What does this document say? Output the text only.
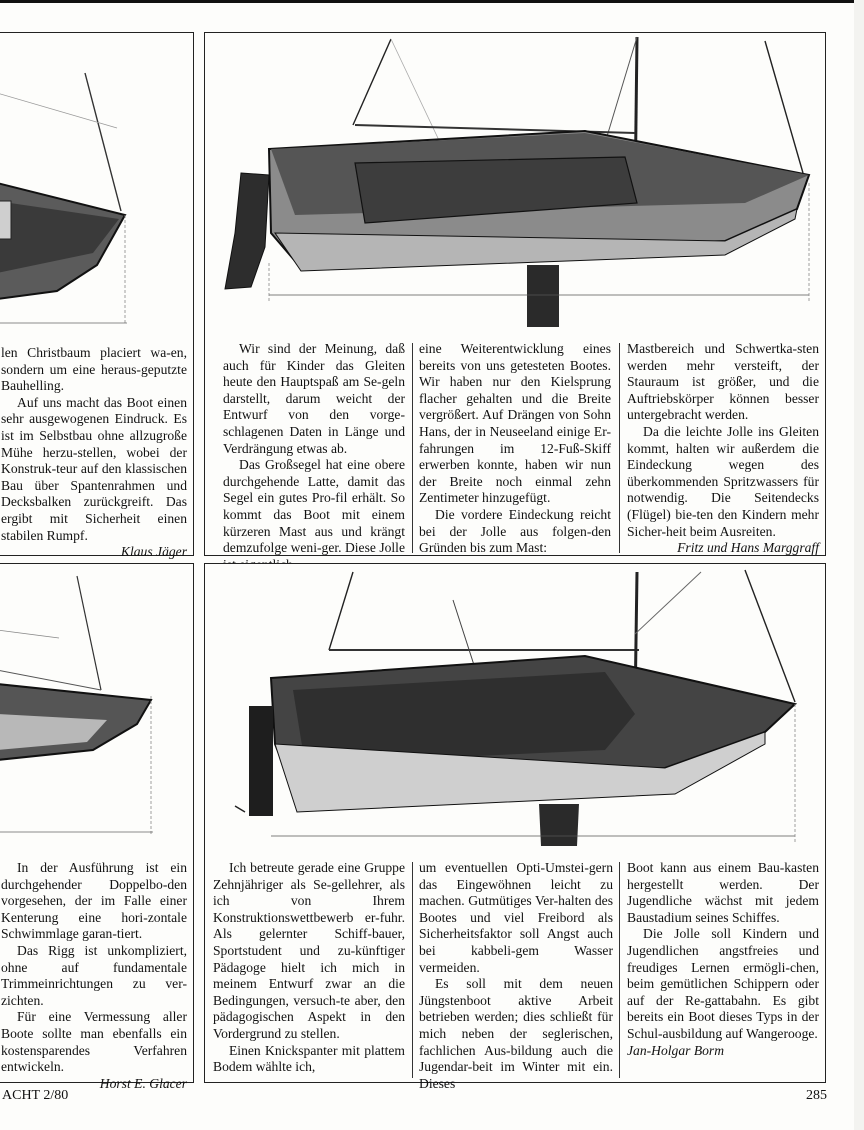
len Christbaum placiert wa-en, sondern um eine heraus-geputzte Bauhelling.

Auf uns macht das Boot einen sehr ausgewogenen Eindruck. Es ist im Selbstbau ohne allzugroße Mühe herzu-stellen, wobei der Konstruk-teur auf den klassischen Bau über Spantenrahmen und Decksbalken zurückgreift. Das ergibt mit Sicherheit einen stabilen Rumpf.

Klaus Jäger

Wir sind der Meinung, daß auch für Kinder das Gleiten heute den Hauptspaß am Se-geln darstellt, darum weicht der Entwurf von den vorge-schlagenen Daten in Länge und Verdrängung etwas ab.

Das Großsegel hat eine obere durchgehende Latte, damit das Segel ein gutes Pro-fil erhält. So kommt das Boot mit einem kürzeren Mast aus und krängt demzufolge weni-ger. Diese Jolle

eine Weiterentwicklung eines bereits von uns getesteten Bootes. Wir haben nur den Kielsprung flacher gehalten und die Breite vergrößert. Auf Drängen von Sohn Hans, der in Neuseeland einige Er-fahrungen im 12-Fuß-Skiff erwerben konnte, haben wir nun der Breite noch einmal zehn Zentimeter hinzugefügt.

Die vordere Eindeckung reicht bei der Jolle aus folgen-den Gründen bis zum Mast:

Mastbereich und Schwertka-sten werden mehr versteift, der Stauraum ist größer, und die Auftriebskörper können besser untergebracht werden.

Da die leichte Jolle ins Gleiten kommt, halten wir außerdem die Eindeckung wegen des überkommenden Spritzwassers für notwendig. Die Seitendecks (Flügel) bie-ten den Kindern mehr Sicher-heit beim Ausreiten.

Fritz und Hans Marggraff

In der Ausführung ist ein durchgehender Doppelbo-den vorgesehen, der im Falle einer Kenterung eine hori-zontale Schwimmlage garan-tiert.

Das Rigg ist unkompliziert, ohne auf fundamentale Trimmeinrichtungen zu ver-zichten.

Für eine Vermessung aller Boote sollte man ebenfalls ein kostensparendes Verfahren entwickeln.

Horst E. Glacer

Ich betreute gerade eine Gruppe Zehnjähriger als Se-gellehrer, als ich von Ihrem Konstruktionswettbewerb er-fuhr. Als gelernter Schiff-bauer, Sportstudent und zu-künftiger Pädagoge hielt ich mich in meinem Entwurf zwar an die Bedingungen, versuch-te aber, den pädagogischen Aspekt in den Vordergrund zu stellen.

Einen Knickspanter mit plattem Bodem wählte ich,

um eventuellen Opti-Umstei-gern das Eingewöhnen leicht zu machen. Gutmütiges Ver-halten des Bootes und viel Freibord als Sicherheitsfaktor soll Angst auch bei kabbeli-gem Wasser vermeiden.

Es soll mit dem neuen Jüngstenboot aktive Arbeit betrieben werden; dies schließt für mich neben der seglerischen, fachlichen Aus-bildung auch die Jugendar-beit im Winter mit ein. Dieses

Boot kann aus einem Bau-kasten hergestellt werden. Der Jugendliche wächst mit jedem Baustadium seines Schiffes.

Die Jolle soll Kindern und Jugendlichen angstfreies und freudiges Lernen ermögli-chen, beim gemütlichen Schippern oder auf der Re-gattabahn. Es gibt bereits ein Boot dieses Typs in der Schul-ausbildung auf Wangerooge.

Jan-Holgar Borm
ACHT 2/80	285
